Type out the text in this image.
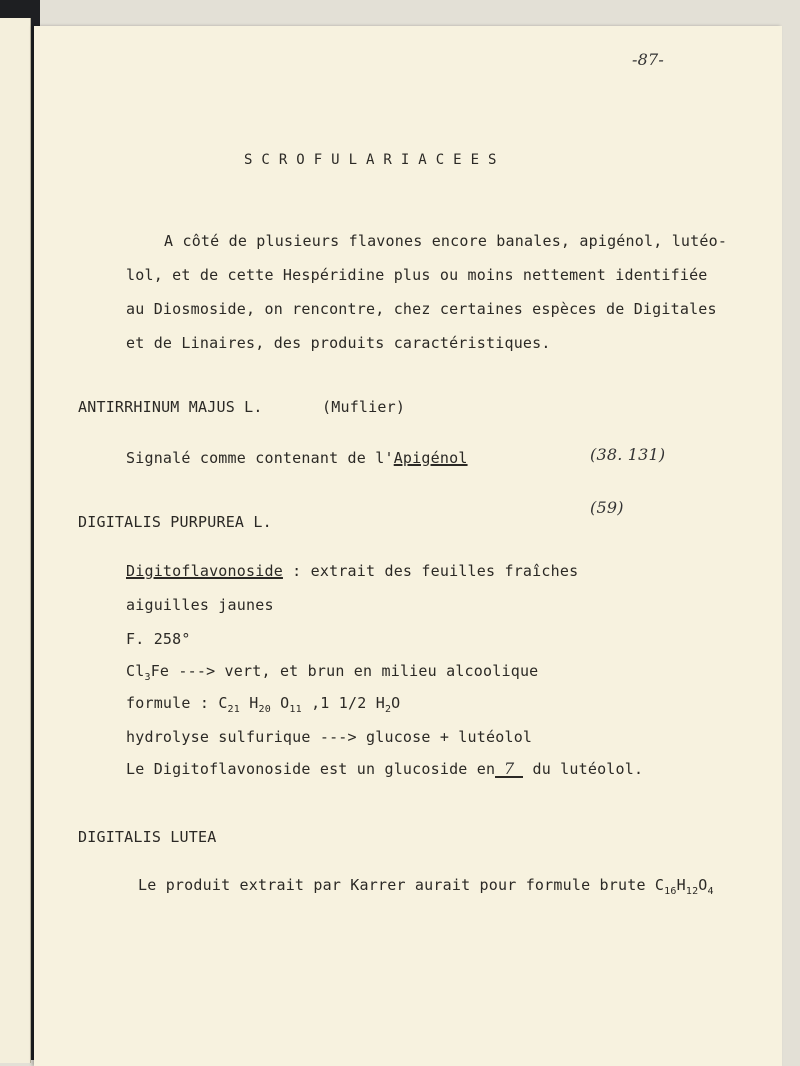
-87-
SCROFULARIACEES
A côté de plusieurs flavones encore banales, apigénol, lutéo-
lol, et de cette Hespéridine plus ou moins nettement identifiée
au Diosmoside, on rencontre, chez certaines espèces de Digitales
et de Linaires, des produits caractéristiques.
ANTIRRHINUM MAJUS L.	(Muflier)
Signalé comme contenant de l'Apigénol	(38. 131)
DIGITALIS PURPUREA L.
(59)
Digitoflavonoside : extrait des feuilles fraîches
aiguilles jaunes
F. 258°
$Cl_3Fe$ ---> vert, et brun en milieu alcoolique
formule : $C_{21}$ $H_{20}$ $O_{11}$ ,1 1/2 $H_2O$
hydrolyse sulfurique ---> glucose + lutéolol
Le Digitoflavonoside est un glucoside en 7 du lutéolol.
DIGITALIS LUTEA
Le produit extrait par Karrer aurait pour formule brute $C_{16}H_{12}O_4$
